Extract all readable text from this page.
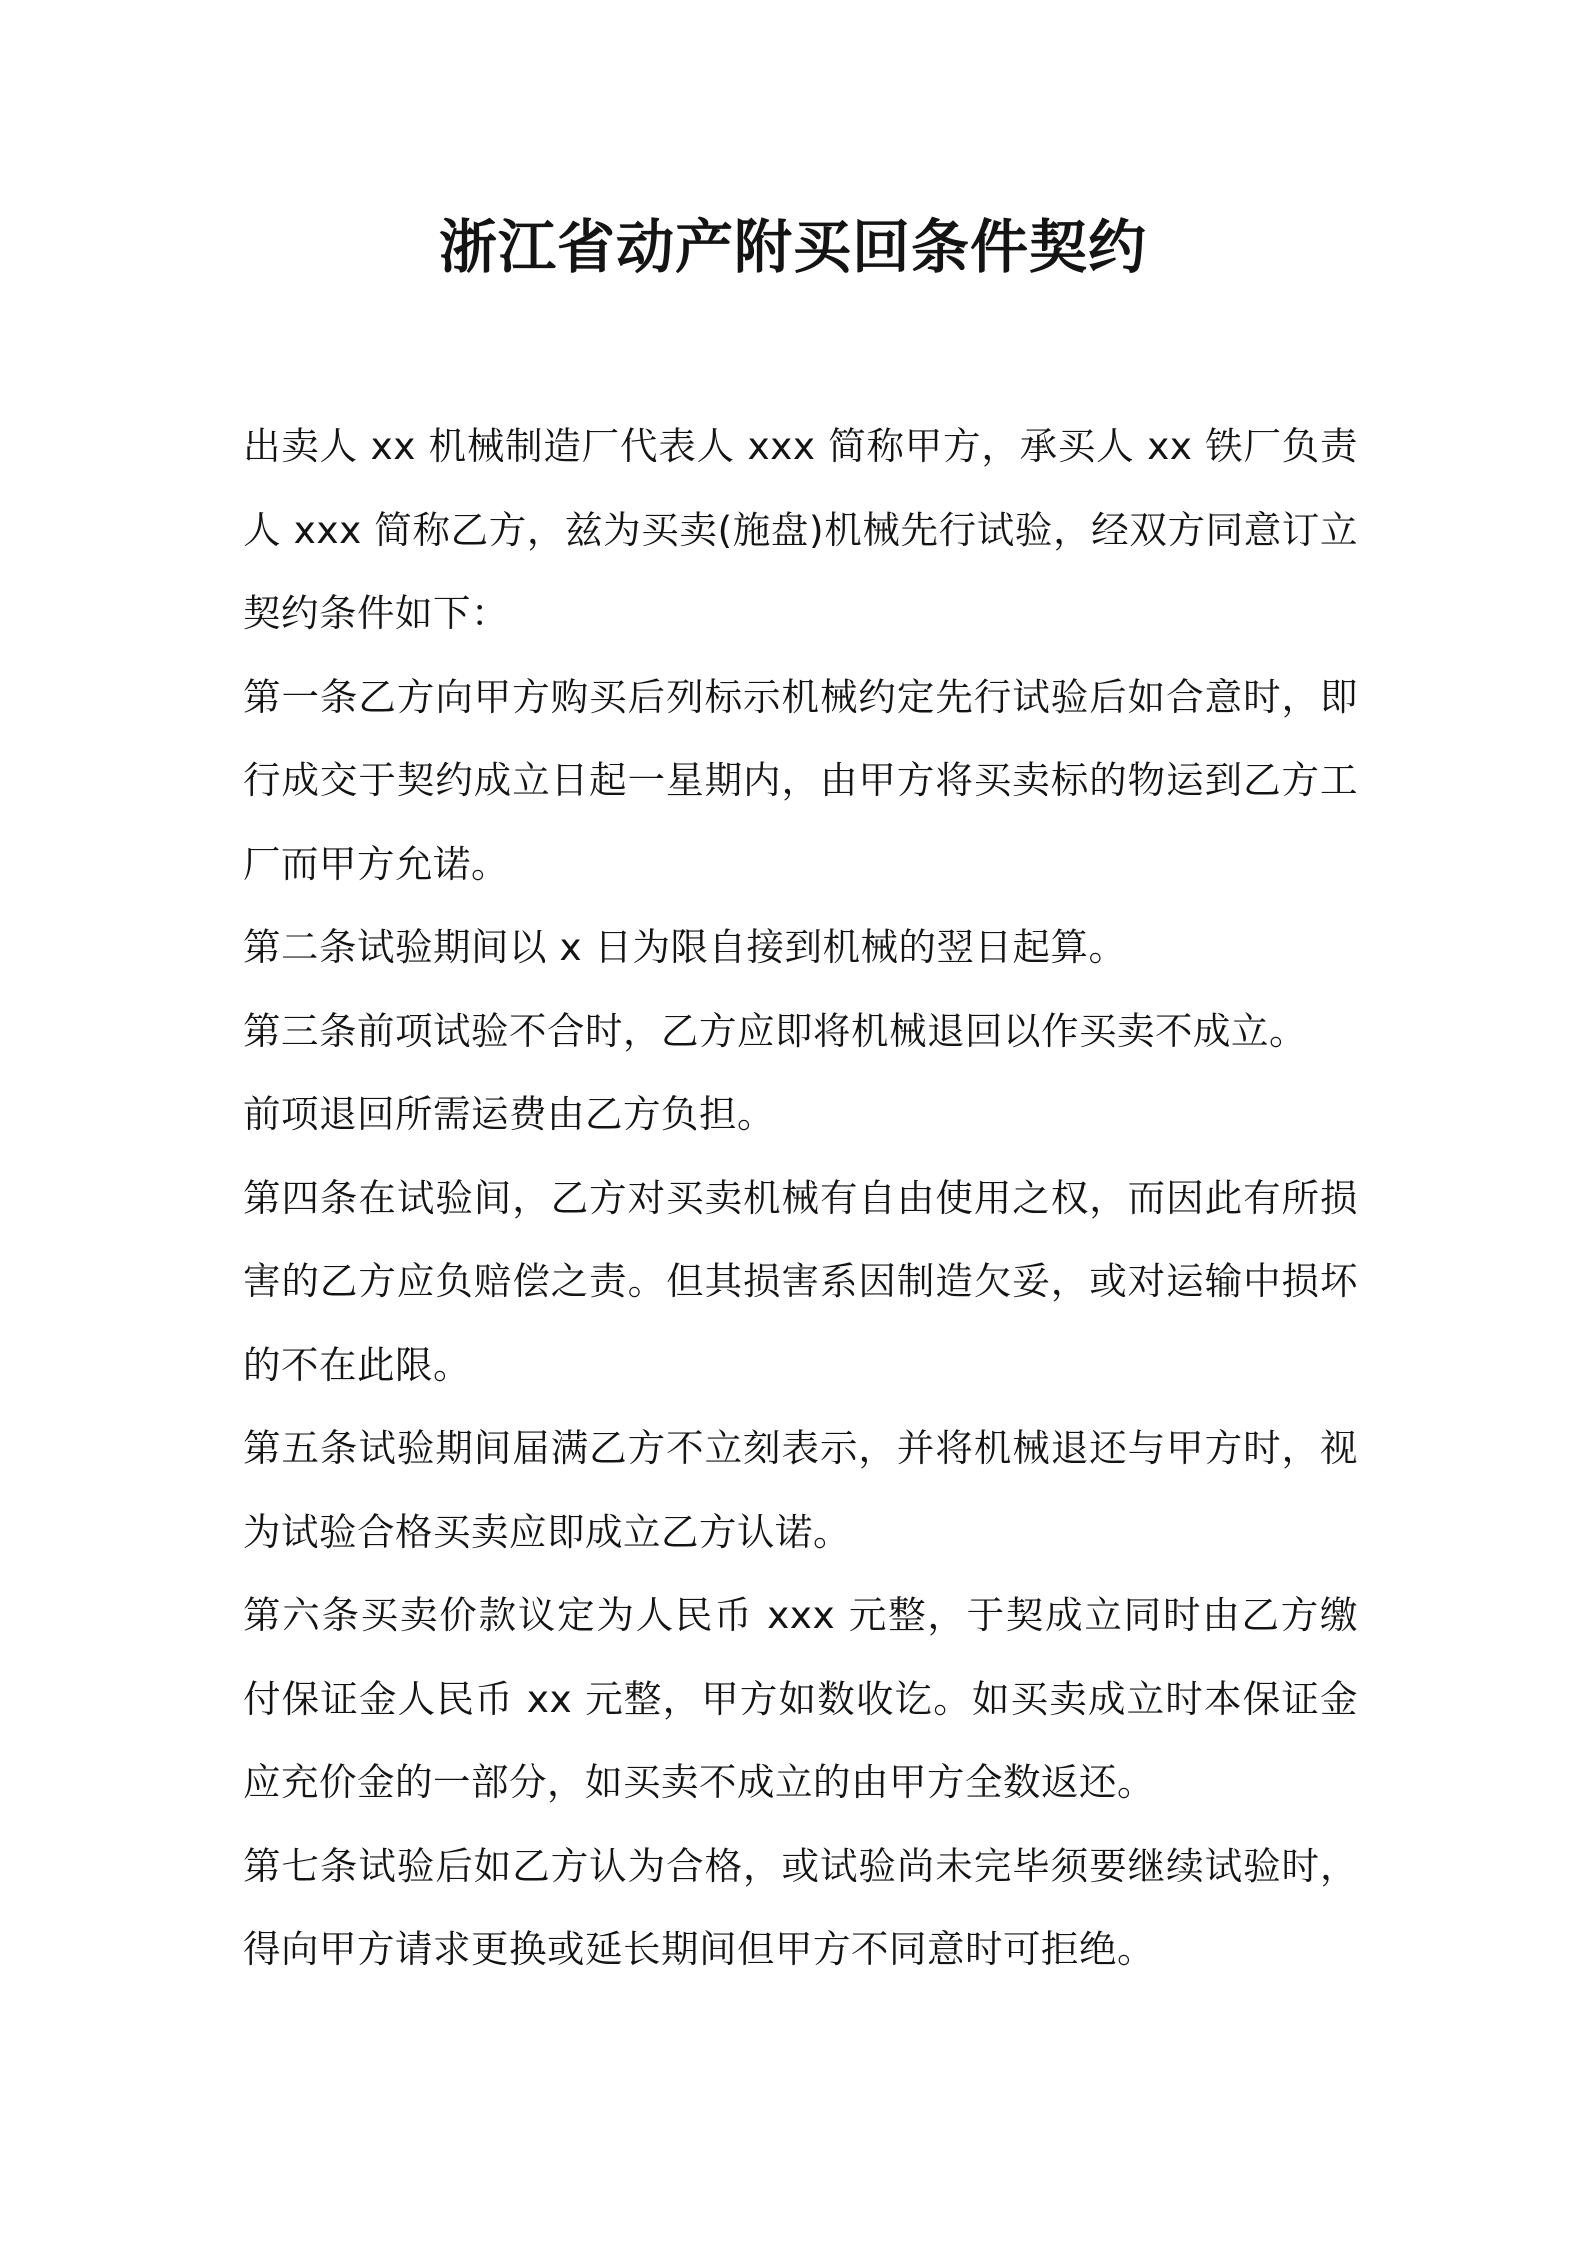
浙江省动产附买回条件契约

出卖人 xx 机械制造厂代表人 xxx 简称甲方，承买人 xx 铁厂负责人 xxx 简称乙方，兹为买卖(施盘)机械先行试验，经双方同意订立契约条件如下：

第一条乙方向甲方购买后列标示机械约定先行试验后如合意时，即行成交于契约成立日起一星期内，由甲方将买卖标的物运到乙方工厂而甲方允诺。

第二条试验期间以 x 日为限自接到机械的翌日起算。

第三条前项试验不合时，乙方应即将机械退回以作买卖不成立。

前项退回所需运费由乙方负担。

第四条在试验间，乙方对买卖机械有自由使用之权，而因此有所损害的乙方应负赔偿之责。但其损害系因制造欠妥，或对运输中损坏的不在此限。

第五条试验期间届满乙方不立刻表示，并将机械退还与甲方时，视为试验合格买卖应即成立乙方认诺。

第六条买卖价款议定为人民币 xxx 元整，于契成立同时由乙方缴付保证金人民币 xx 元整，甲方如数收讫。如买卖成立时本保证金应充价金的一部分，如买卖不成立的由甲方全数返还。

第七条试验后如乙方认为合格，或试验尚未完毕须要继续试验时，得向甲方请求更换或延长期间但甲方不同意时可拒绝。
